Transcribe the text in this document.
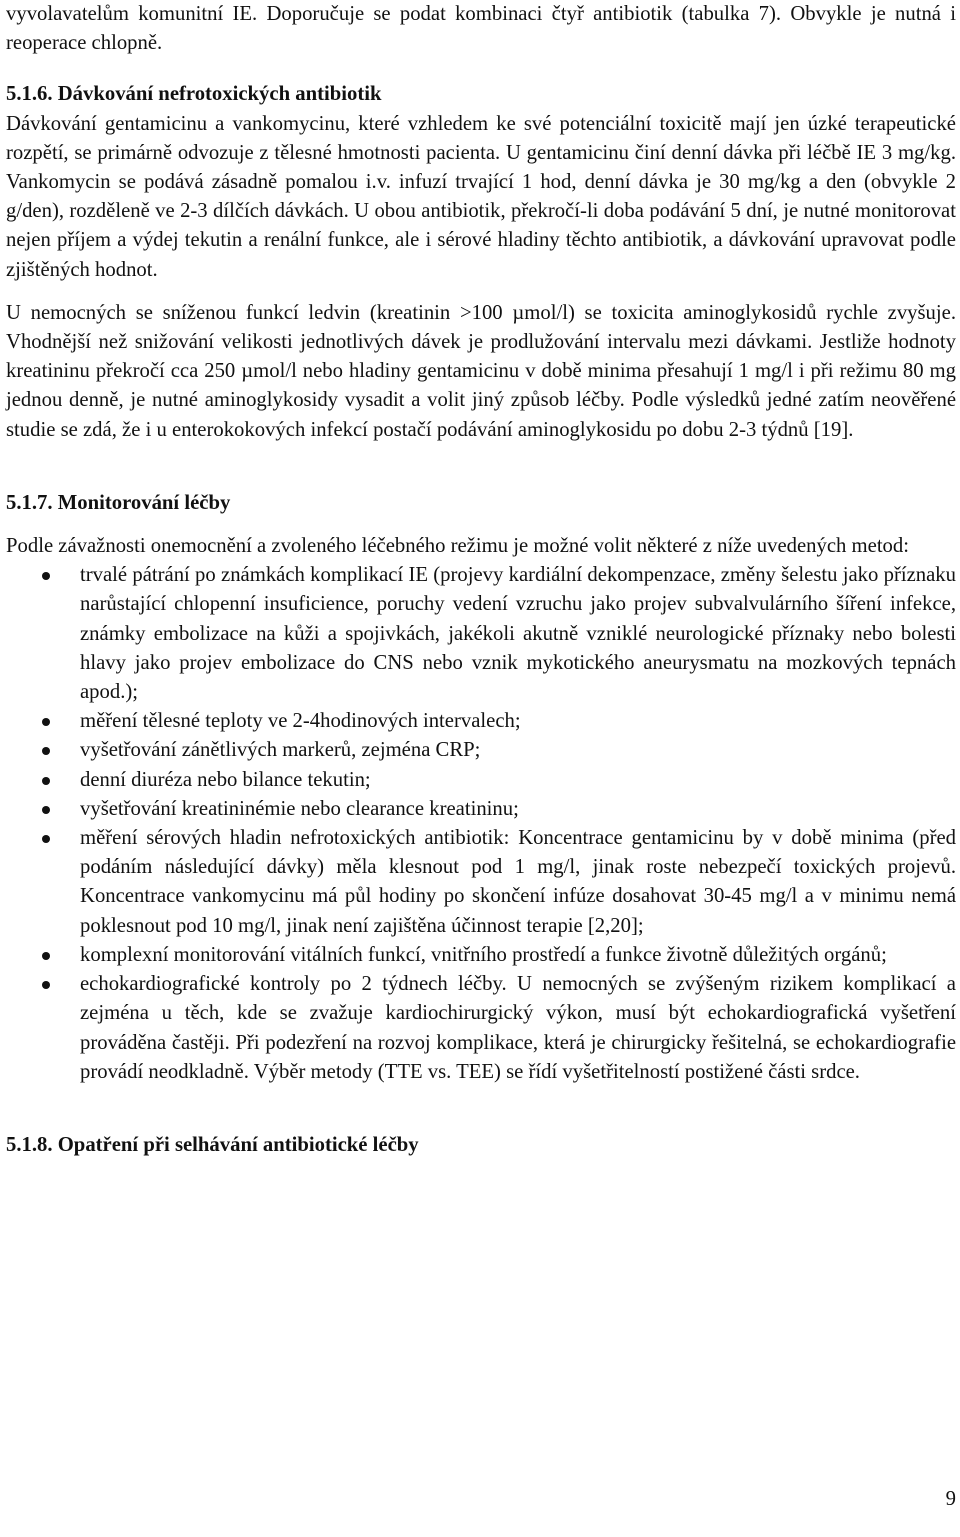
vyvolavatelům komunitní IE. Doporučuje se podat kombinaci čtyř antibiotik (tabulka 7). Obvykle je nutná i reoperace chlopně.

5.1.6. Dávkování nefrotoxických antibiotik

Dávkování gentamicinu a vankomycinu, které vzhledem ke své potenciální toxicitě mají jen úzké terapeutické rozpětí, se primárně odvozuje z tělesné hmotnosti pacienta. U gentamicinu činí denní dávka při léčbě IE 3 mg/kg. Vankomycin se podává zásadně pomalou i.v. infuzí trvající 1 hod, denní dávka je 30 mg/kg a den (obvykle 2 g/den), rozděleně ve 2-3 dílčích dávkách. U obou antibiotik, překročí-li doba podávání 5 dní, je nutné monitorovat nejen příjem a výdej tekutin a renální funkce, ale i sérové hladiny těchto antibiotik, a dávkování upravovat podle zjištěných hodnot.

U nemocných se sníženou funkcí ledvin (kreatinin >100 µmol/l) se toxicita aminoglykosidů rychle zvyšuje. Vhodnější než snižování velikosti jednotlivých dávek je prodlužování intervalu mezi dávkami. Jestliže hodnoty kreatininu překročí cca 250 µmol/l nebo hladiny gentamicinu v době minima přesahují 1 mg/l i při režimu 80 mg jednou denně, je nutné aminoglykosidy vysadit a volit jiný způsob léčby. Podle výsledků jedné zatím neověřené studie se zdá, že i u enterokokových infekcí postačí podávání aminoglykosidu po dobu 2-3 týdnů [19].

5.1.7. Monitorování léčby

Podle závažnosti onemocnění a zvoleného léčebného režimu je možné volit některé z níže uvedených metod:

trvalé pátrání po známkách komplikací IE (projevy kardiální dekompenzace, změny šelestu jako příznaku narůstající chlopenní insuficience, poruchy vedení vzruchu jako projev subvalvulárního šíření infekce, známky embolizace na kůži a spojivkách, jakékoli akutně vzniklé neurologické příznaky nebo bolesti hlavy jako projev embolizace do CNS nebo vznik mykotického aneurysmatu na mozkových tepnách apod.);
měření tělesné teploty ve 2-4hodinových intervalech;
vyšetřování zánětlivých markerů, zejména CRP;
denní diuréza nebo bilance tekutin;
vyšetřování kreatininémie nebo clearance kreatininu;
měření sérových hladin nefrotoxických antibiotik: Koncentrace gentamicinu by v době minima (před podáním následující dávky) měla klesnout pod 1 mg/l, jinak roste nebezpečí toxických projevů. Koncentrace vankomycinu má půl hodiny po skončení infúze dosahovat 30-45 mg/l a v minimu nemá poklesnout pod 10 mg/l, jinak není zajištěna účinnost terapie [2,20];
komplexní monitorování vitálních funkcí, vnitřního prostředí a funkce životně důležitých orgánů;
echokardiografické kontroly po 2 týdnech léčby. U nemocných se zvýšeným rizikem komplikací a zejména u těch, kde se zvažuje kardiochirurgický výkon, musí být echokardiografická vyšetření prováděna častěji. Při podezření na rozvoj komplikace, která je chirurgicky řešitelná, se echokardiografie provádí neodkladně. Výběr metody (TTE vs. TEE) se řídí vyšetřitelností postižené části srdce.

5.1.8. Opatření při selhávání antibiotické léčby

9
